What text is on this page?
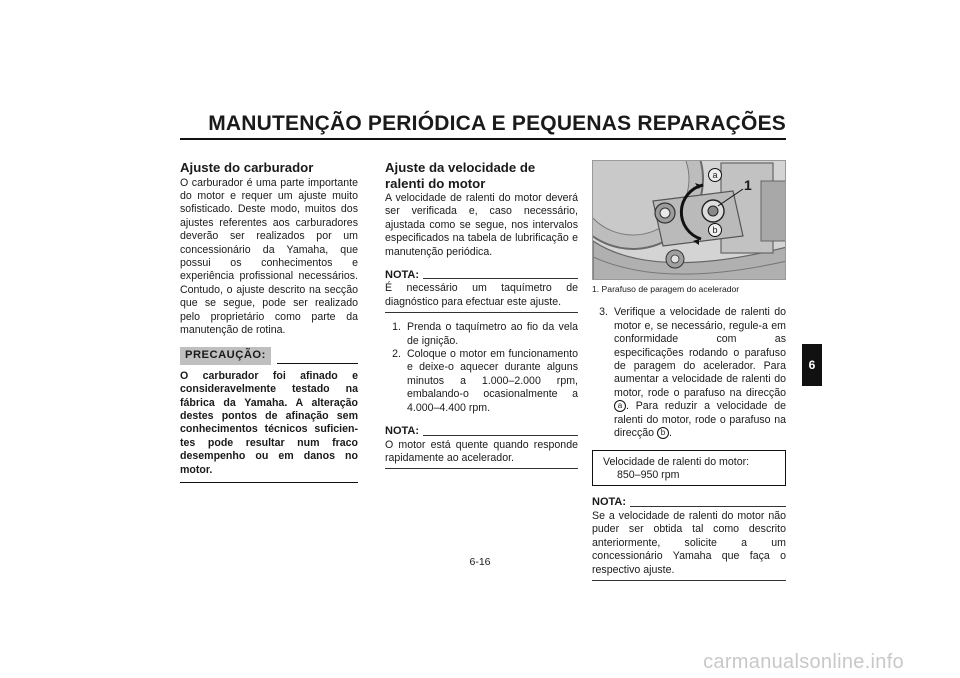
MANUTENÇÃO PERIÓDICA E PEQUENAS REPARAÇÕES
Ajuste do carburador

O carburador é uma parte importante do motor e requer um ajuste muito sofisticado. Deste modo, muitos dos ajustes referentes aos carburadores deverão ser realizados por um concessionário da Yamaha, que possui os conhecimentos e experiência profissional necessários. Contudo, o ajuste descrito na secção que se segue, pode ser realizado pelo proprietário como parte da manutenção de rotina.

PRECAUÇÃO:

O carburador foi afinado e consideravelmente testado na fábrica da Yamaha. A alteração destes pontos de afinação sem conhecimentos técnicos suficientes pode resultar num fraco desempenho ou em danos no motor.

Ajuste da velocidade de ralenti do motor

A velocidade de ralenti do motor deverá ser verificada e, caso necessário, ajustada como se segue, nos intervalos especificados na tabela de lubrificação e manutenção periódica.

NOTA:

É necessário um taquímetro de diagnóstico para efectuar este ajuste.

1. Prenda o taquímetro ao fio da vela de ignição.
2. Coloque o motor em funcionamento e deixe-o aquecer durante alguns minutos a 1.000–2.000 rpm, embalando-o ocasionalmente a 4.000–4.400 rpm.
NOTA:

O motor está quente quando responde rapidamente ao acelerador.

1
a
b
1. Parafuso de paragem do acelerador
3. Verifique a velocidade de ralenti do motor e, se necessário, regule-a em conformidade com as especificações rodando o parafuso de paragem do acelerador. Para aumentar a velocidade de ralenti do motor, rode o parafuso na direcção a . Para reduzir a velocidade de ralenti do motor, rode o parafuso na direcção b .
Velocidade de ralenti do motor:
850–950 rpm
NOTA:

Se a velocidade de ralenti do motor não puder ser obtida tal como descrito anteriormente, solicite a um concessionário Yamaha que faça o respectivo ajuste.

6
6-16
carmanualsonline.info
